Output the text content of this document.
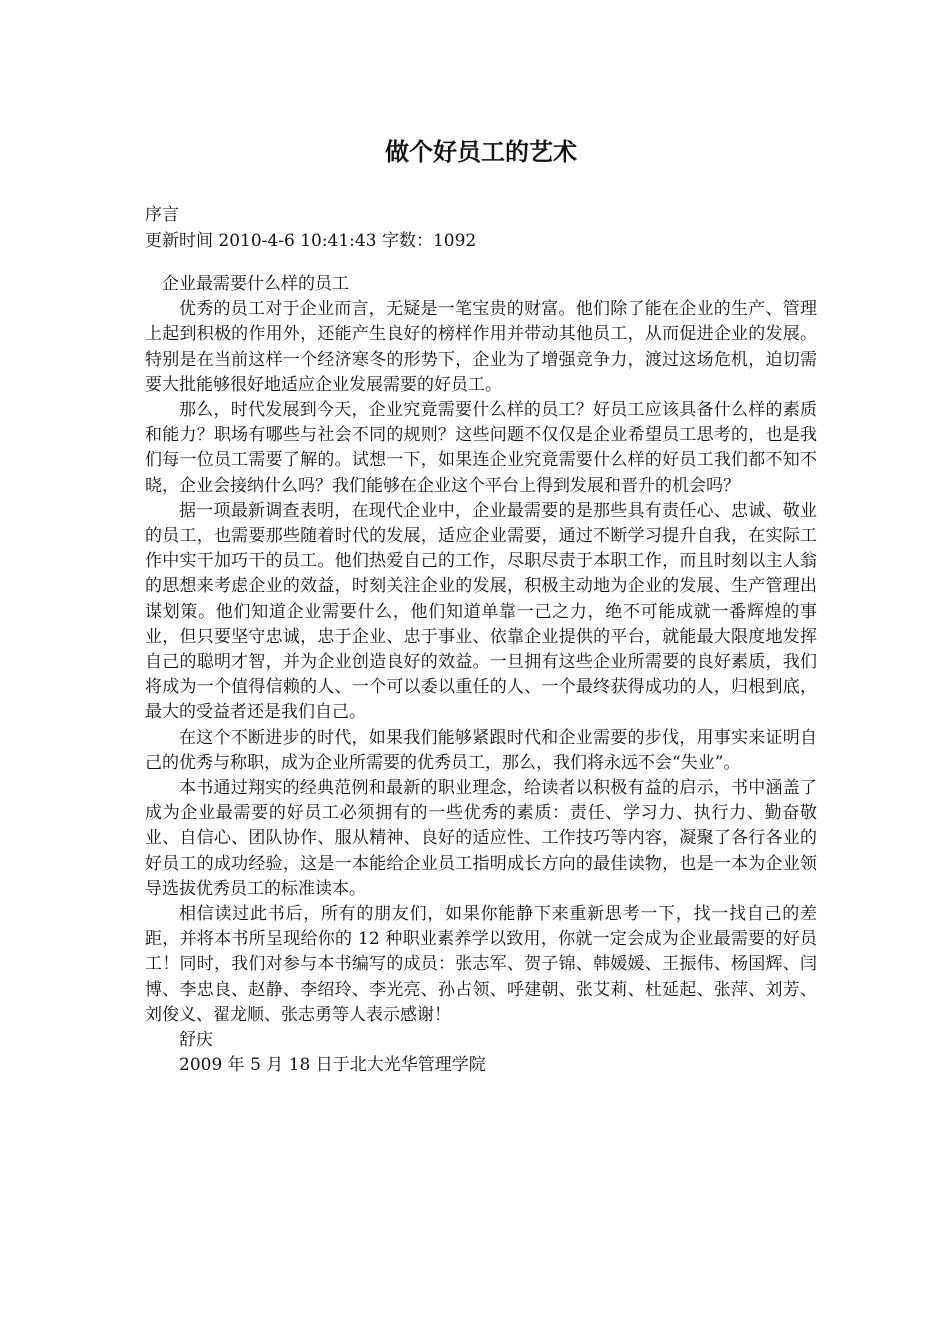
做个好员工的艺术
序言
更新时间 2010-4-6 10:41:43 字数：1092

企业最需要什么样的员工

优秀的员工对于企业而言，无疑是一笔宝贵的财富。他们除了能在企业的生产、管理上起到积极的作用外，还能产生良好的榜样作用并带动其他员工，从而促进企业的发展。特别是在当前这样一个经济寒冬的形势下，企业为了增强竞争力，渡过这场危机，迫切需要大批能够很好地适应企业发展需要的好员工。

那么，时代发展到今天，企业究竟需要什么样的员工？好员工应该具备什么样的素质和能力？职场有哪些与社会不同的规则？这些问题不仅仅是企业希望员工思考的，也是我们每一位员工需要了解的。试想一下，如果连企业究竟需要什么样的好员工我们都不知不晓，企业会接纳什么吗？我们能够在企业这个平台上得到发展和晋升的机会吗？

据一项最新调查表明，在现代企业中，企业最需要的是那些具有责任心、忠诚、敬业的员工，也需要那些随着时代的发展，适应企业需要，通过不断学习提升自我，在实际工作中实干加巧干的员工。他们热爱自己的工作，尽职尽责于本职工作，而且时刻以主人翁的思想来考虑企业的效益，时刻关注企业的发展，积极主动地为企业的发展、生产管理出谋划策。他们知道企业需要什么，他们知道单靠一己之力，绝不可能成就一番辉煌的事业，但只要坚守忠诚，忠于企业、忠于事业、依靠企业提供的平台，就能最大限度地发挥自己的聪明才智，并为企业创造良好的效益。一旦拥有这些企业所需要的良好素质，我们将成为一个值得信赖的人、一个可以委以重任的人、一个最终获得成功的人，归根到底，最大的受益者还是我们自己。

在这个不断进步的时代，如果我们能够紧跟时代和企业需要的步伐，用事实来证明自己的优秀与称职，成为企业所需要的优秀员工，那么，我们将永远不会“失业”。

本书通过翔实的经典范例和最新的职业理念，给读者以积极有益的启示，书中涵盖了成为企业最需要的好员工必须拥有的一些优秀的素质：责任、学习力、执行力、勤奋敬业、自信心、团队协作、服从精神、良好的适应性、工作技巧等内容，凝聚了各行各业的好员工的成功经验，这是一本能给企业员工指明成长方向的最佳读物，也是一本为企业领导选拔优秀员工的标准读本。

相信读过此书后，所有的朋友们，如果你能静下来重新思考一下，找一找自己的差距，并将本书所呈现给你的 12 种职业素养学以致用，你就一定会成为企业最需要的好员工！同时，我们对参与本书编写的成员：张志军、贺子锦、韩媛媛、王振伟、杨国辉、闫博、李忠良、赵静、李绍玲、李光亮、孙占领、呼建朝、张艾莉、杜延起、张萍、刘芳、刘俊义、翟龙顺、张志勇等人表示感谢！

舒庆

2009 年 5 月 18 日于北大光华管理学院
